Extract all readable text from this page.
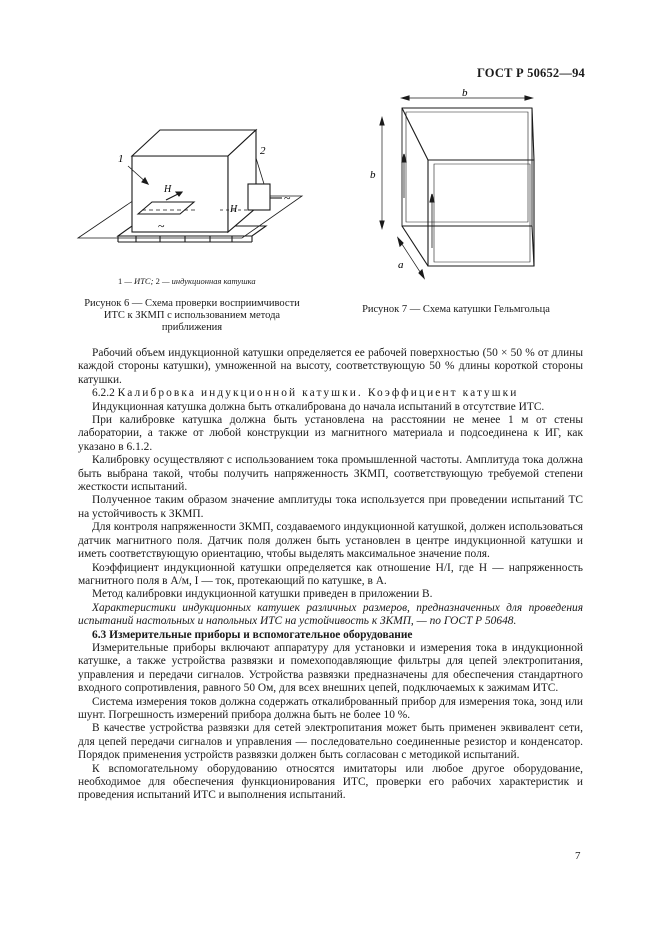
ГОСТ Р 50652—94
1
2
H
H
~
~
1 — ИТС; 2 — индукционная катушка
Рисунок 6 — Схема проверки восприимчивости ИТС к ЗКМП с использованием метода приближения
b
b
a
Рисунок 7 — Схема катушки Гельмгольца

Рабочий объем индукционной катушки определяется ее рабочей поверхностью (50 × 50 % от длины каждой стороны катушки), умноженной на высоту, соответствующую 50 % длины короткой стороны катушки.

6.2.2 Калибровка индукционной катушки. Коэффициент катушки

Индукционная катушка должна быть откалибрована до начала испытаний в отсутствие ИТС.

При калибровке катушка должна быть установлена на расстоянии не менее 1 м от стены лаборатории, а также от любой конструкции из магнитного материала и подсоединена к ИГ, как указано в 6.1.2.

Калибровку осуществляют с использованием тока промышленной частоты. Амплитуда тока должна быть выбрана такой, чтобы получить напряженность ЗКМП, соответствующую требуемой степени жесткости испытаний.

Полученное таким образом значение амплитуды тока используется при проведении испытаний ТС на устойчивость к ЗКМП.

Для контроля напряженности ЗКМП, создаваемого индукционной катушкой, должен использоваться датчик магнитного поля. Датчик поля должен быть установлен в центре индукционной катушки и иметь соответствующую ориентацию, чтобы выделять максимальное значение поля.

Коэффициент индукционной катушки определяется как отношение H/I, где H — напряженность магнитного поля в А/м, I — ток, протекающий по катушке, в А.

Метод калибровки индукционной катушки приведен в приложении В.

Характеристики индукционных катушек различных размеров, предназначенных для проведения испытаний настольных и напольных ИТС на устойчивость к ЗКМП, — по ГОСТ Р 50648.

6.3 Измерительные приборы и вспомогательное оборудование

Измерительные приборы включают аппаратуру для установки и измерения тока в индукционной катушке, а также устройства развязки и помехоподавляющие фильтры для цепей электропитания, управления и передачи сигналов. Устройства развязки предназначены для обеспечения стандартного входного сопротивления, равного 50 Ом, для всех внешних цепей, подключаемых к зажимам ИТС.

Система измерения токов должна содержать откалиброванный прибор для измерения тока, зонд или шунт. Погрешность измерений прибора должна быть не более 10 %.

В качестве устройства развязки для сетей электропитания может быть применен эквивалент сети, для цепей передачи сигналов и управления — последовательно соединенные резистор и конденсатор. Порядок применения устройств развязки должен быть согласован с методикой испытаний.

К вспомогательному оборудованию относятся имитаторы или любое другое оборудование, необходимое для обеспечения функционирования ИТС, проверки его рабочих характеристик и проведения испытаний ИТС и выполнения испытаний.

7
